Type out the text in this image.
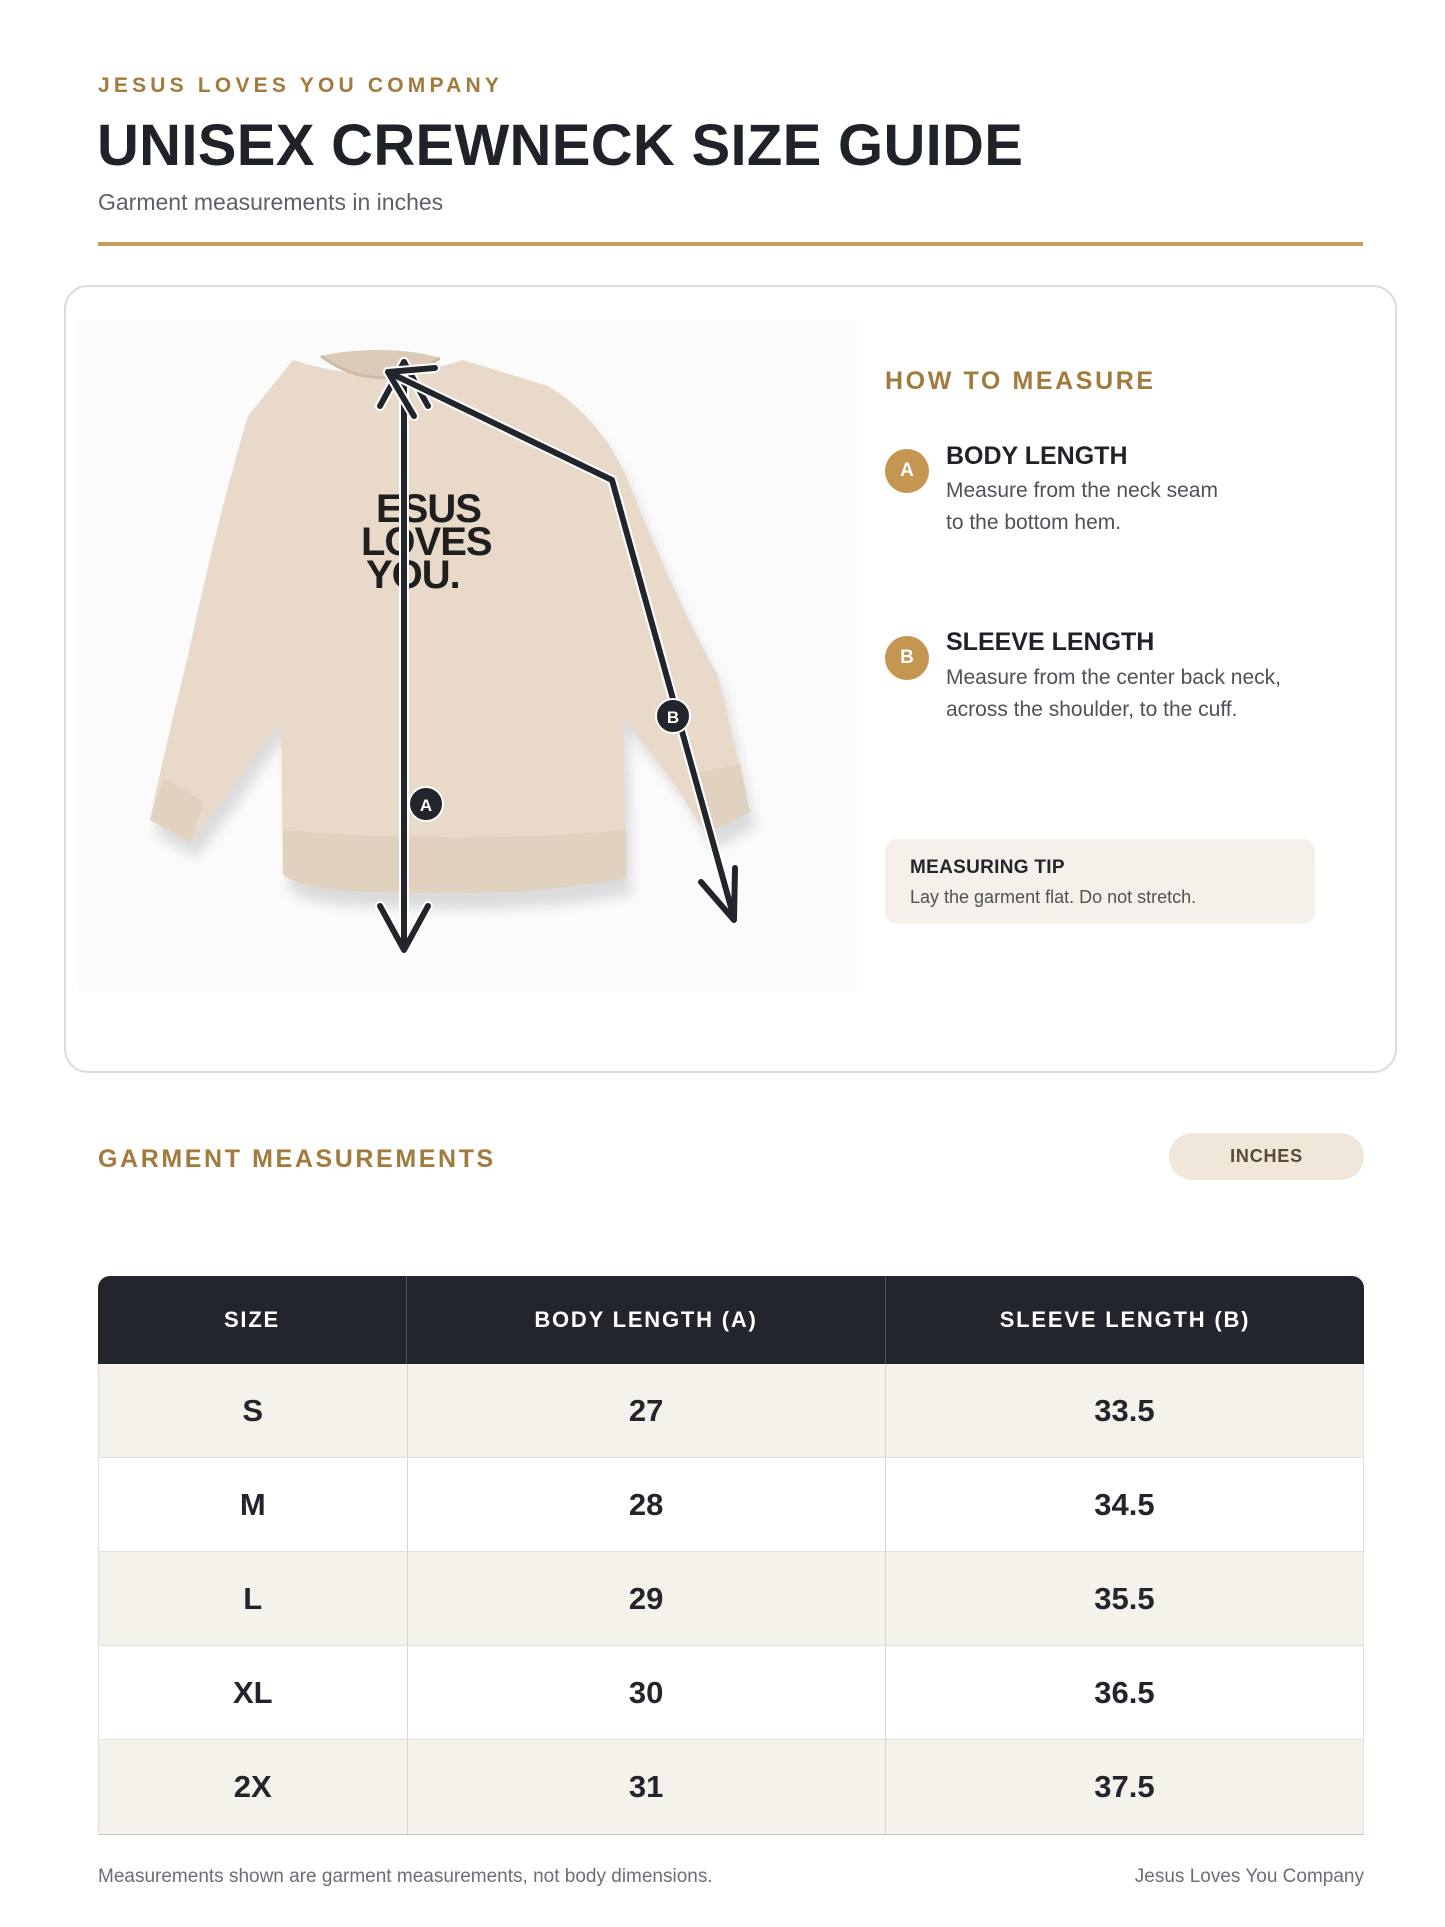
JESUS LOVES YOU COMPANY
UNISEX CREWNECK SIZE GUIDE
Garment measurements in inches
ESUS
LOVES
YOU.
A
B
HOW TO MEASURE
A
BODY LENGTH
Measure from the neck seam
to the bottom hem.
B
SLEEVE LENGTH
Measure from the center back neck,
across the shoulder, to the cuff.
MEASURING TIP
Lay the garment flat. Do not stretch.
GARMENT MEASUREMENTS	INCHES
SIZE	BODY LENGTH (A)	SLEEVE LENGTH (B)
S	27	33.5
M	28	34.5
L	29	35.5
XL	30	36.5
2X	31	37.5
Measurements shown are garment measurements, not body dimensions.	Jesus Loves You Company
